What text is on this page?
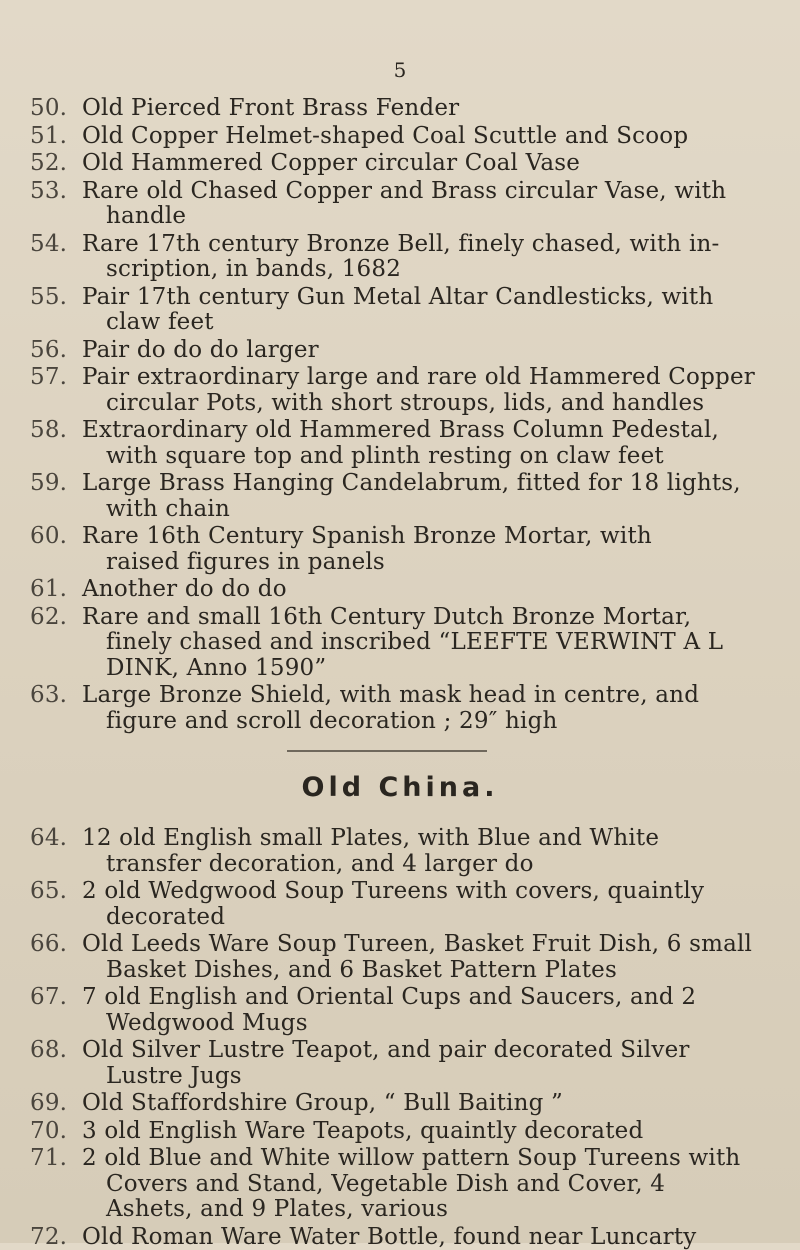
5
50. Old Pierced Front Brass Fender
51. Old Copper Helmet-shaped Coal Scuttle and Scoop
52. Old Hammered Copper circular Coal Vase
53. Rare old Chased Copper and Brass circular Vase, with
handle
54. Rare 17th century Bronze Bell, finely chased, with in-
scription, in bands, 1682
55. Pair 17th century Gun Metal Altar Candlesticks, with
claw feet
56. Pair do do do larger
57. Pair extraordinary large and rare old Hammered Copper
circular Pots, with short stroups, lids, and handles
58. Extraordinary old Hammered Brass Column Pedestal,
with square top and plinth resting on claw feet
59. Large Brass Hanging Candelabrum, fitted for 18 lights,
with chain
60. Rare 16th Century Spanish Bronze Mortar, with
raised figures in panels
61. Another do do do
62. Rare and small 16th Century Dutch Bronze Mortar,
finely chased and inscribed “LEEFTE VERWINT A L
DINK, Anno 1590”
63. Large Bronze Shield, with mask head in centre, and
figure and scroll decoration ; 29″ high
Old China.
64. 12 old English small Plates, with Blue and White
transfer decoration, and 4 larger do
65. 2 old Wedgwood Soup Tureens with covers, quaintly
decorated
66. Old Leeds Ware Soup Tureen, Basket Fruit Dish, 6 small
Basket Dishes, and 6 Basket Pattern Plates
67. 7 old English and Oriental Cups and Saucers, and 2
Wedgwood Mugs
68. Old Silver Lustre Teapot, and pair decorated Silver
Lustre Jugs
69. Old Staffordshire Group, “ Bull Baiting ”
70. 3 old English Ware Teapots, quaintly decorated
71. 2 old Blue and White willow pattern Soup Tureens with
Covers and Stand, Vegetable Dish and Cover, 4
Ashets, and 9 Plates, various
72. Old Roman Ware Water Bottle, found near Luncarty
